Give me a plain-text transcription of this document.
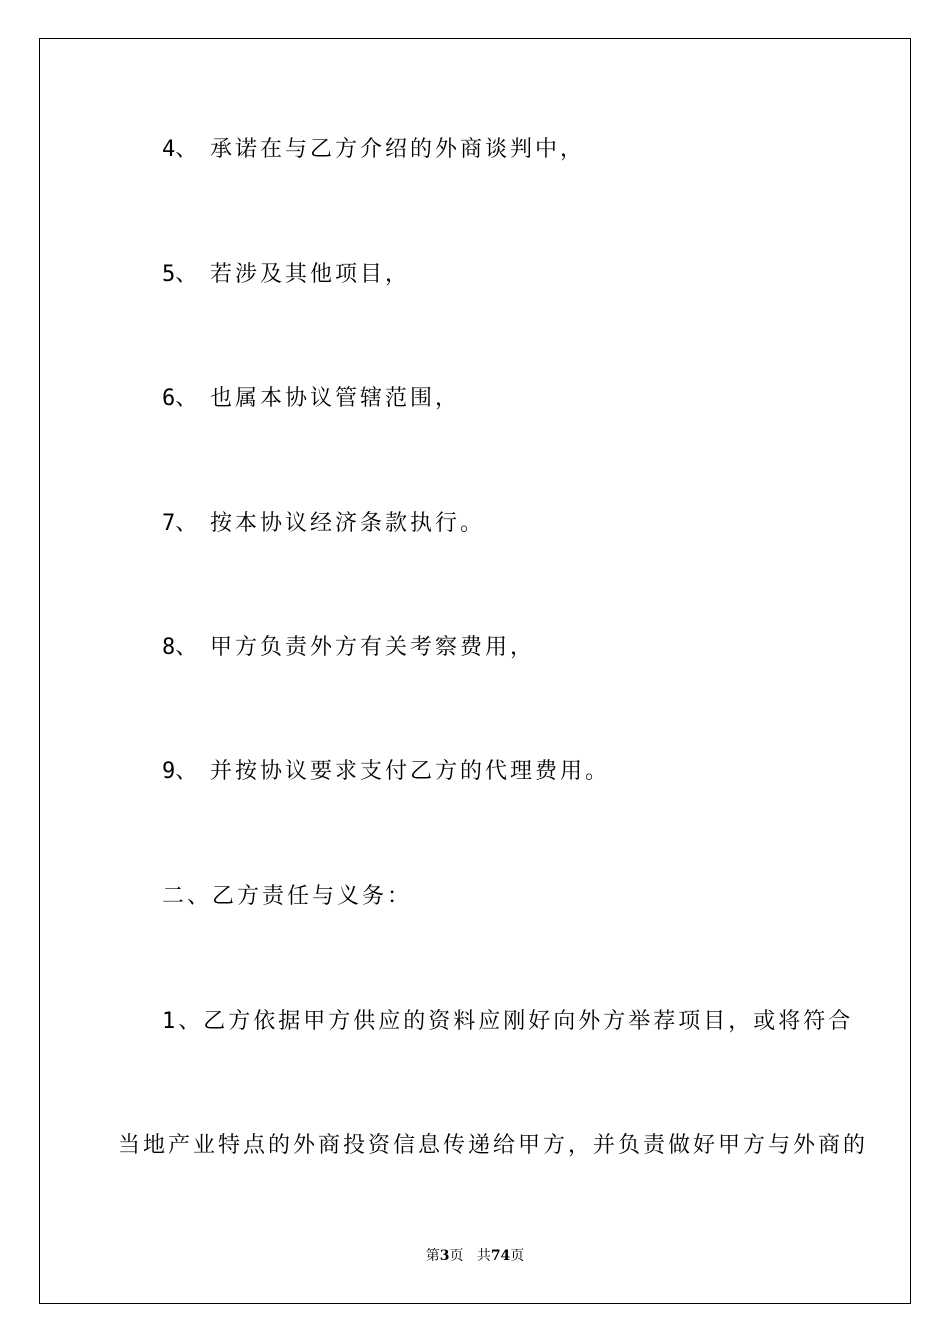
4、 承诺在与乙方介绍的外商谈判中，
5、 若涉及其他项目，
6、 也属本协议管辖范围，
7、 按本协议经济条款执行。
8、 甲方负责外方有关考察费用，
9、 并按协议要求支付乙方的代理费用。
二、乙方责任与义务：
1、乙方依据甲方供应的资料应刚好向外方举荐项目，或将符合
当地产业特点的外商投资信息传递给甲方，并负责做好甲方与外商的
第3页 共74页
